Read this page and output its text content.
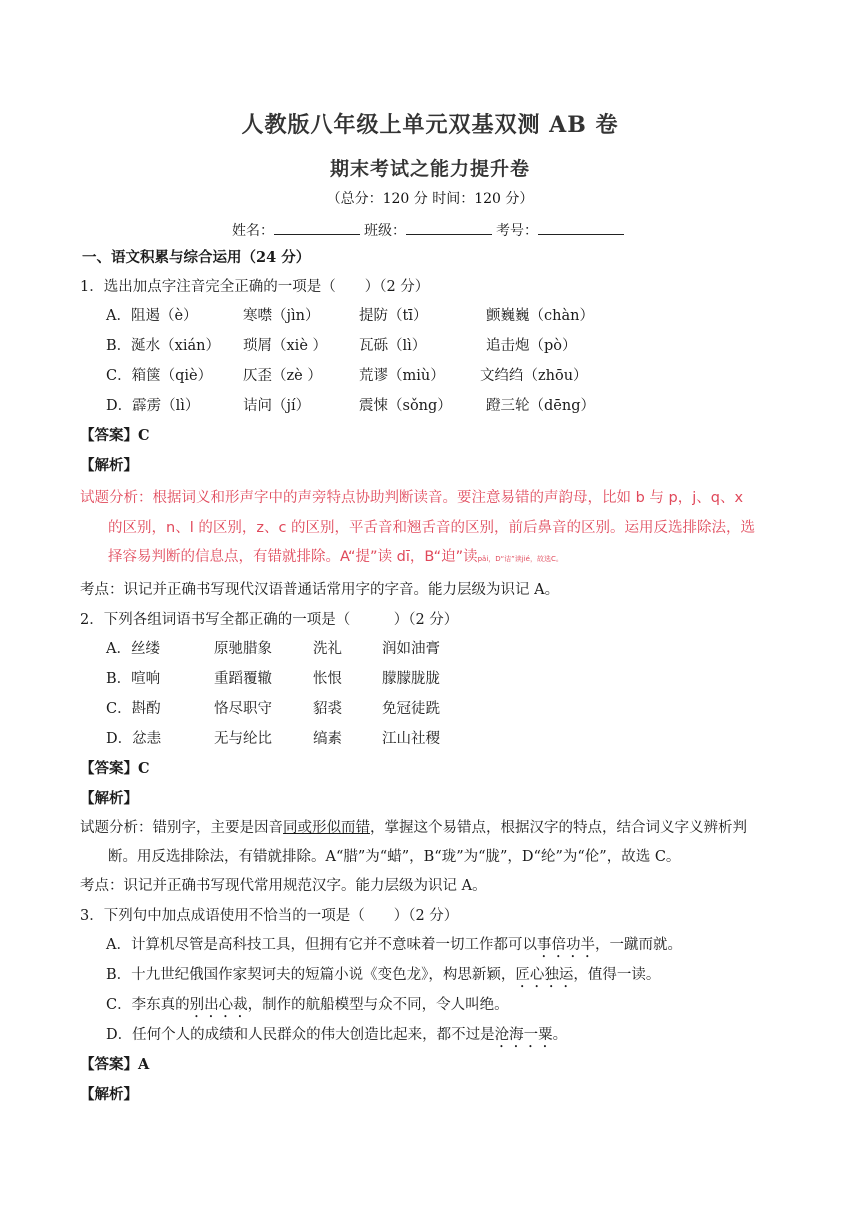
人教版八年级上单元双基双测 AB 卷
期末考试之能力提升卷
（总分：120 分 时间：120 分）
姓名：	班级：	考号：
一、语文积累与综合运用（24 分）
1．选出加点字注音完全正确的一项是（　　）（2 分）
A．阻遏（è）	寒噤（jìn）	提防（tī）	颤巍巍（chàn）
B．涎水（xián） 琐屑（xiè ） 瓦砾（lì）	追击炮（pò）
C．箱箧（qiè） 仄歪（zè ）	荒谬（miù） 文绉绉（zhōu）
D．霹雳（lì）	诘问（jí）	震悚（sǒng） 蹬三轮（dēng）
【答案】C
【解析】
试题分析：根据词义和形声字中的声旁特点协助判断读音。要注意易错的声韵母，比如 b 与 p，j、q、x
的区别，n、l 的区别，z、c 的区别，平舌音和翘舌音的区别，前后鼻音的区别。运用反选排除法，选
择容易判断的信息点，有错就排除。A“提”读 dī，B“迫”读pǎi，D“诘”读jié，故选C。
考点：识记并正确书写现代汉语普通话常用字的字音。能力层级为识记 A。
2．下列各组词语书写全都正确的一项是（　　　）（2 分）
A．丝缕	原驰腊象	洗礼	润如油膏
B．喧响	重蹈覆辙	怅恨	朦朦胧胧
C．斟酌	恪尽职守	貂裘	免冠徒跣
D．忿恚	无与纶比	缟素	江山社稷
【答案】C
【解析】
试题分析：错别字，主要是因音同或形似而错，掌握这个易错点，根据汉字的特点，结合词义字义辨析判
断。用反选排除法，有错就排除。A“腊”为“蜡”，B“珑”为“胧”，D“纶”为“伦”，故选 C。
考点：识记并正确书写现代常用规范汉字。能力层级为识记 A。
3．下列句中加点成语使用不恰当的一项是（　　）（2 分）
A．计算机尽管是高科技工具，但拥有它并不意味着一切工作都可以事倍功半，一蹴而就。
B．十九世纪俄国作家契诃夫的短篇小说《变色龙》，构思新颖，匠心独运，值得一读。
C．李东真的别出心裁，制作的航船模型与众不同，令人叫绝。
D．任何个人的成绩和人民群众的伟大创造比起来，都不过是沧海一粟。
【答案】A
【解析】
